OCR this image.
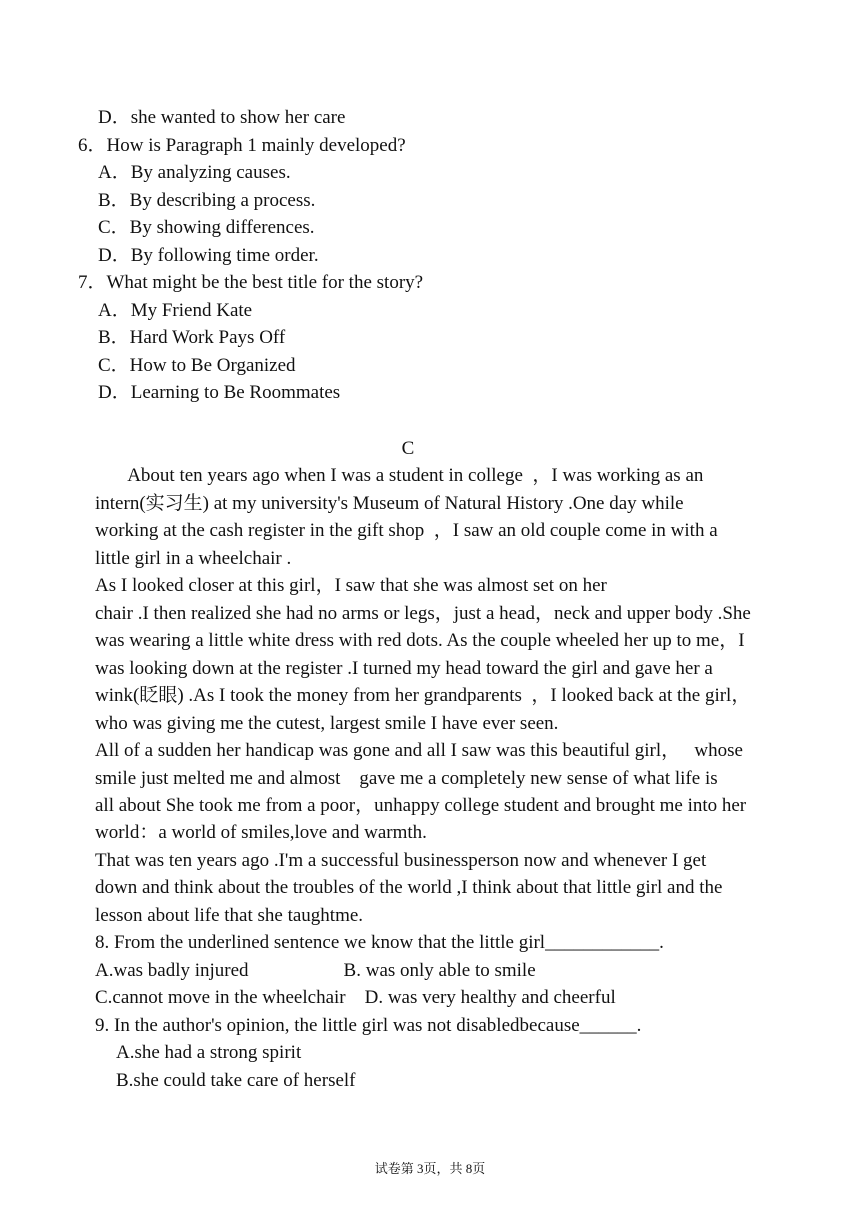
D．she wanted to show her care
6．How is Paragraph 1 mainly developed?
A．By analyzing causes.
B．By describing a process.
C．By showing differences.
D．By following time order.
7．What might be the best title for the story?
A．My Friend Kate
B．Hard Work Pays Off
C．How to Be Organized
D．Learning to Be Roommates
C
About ten years ago when I was a student in college  ，I was working as an
intern(实习生) at my university's Museum of Natural History .One day while
working at the cash register in the gift shop  ，I saw an old couple come in with a
little girl in a wheelchair .
As I looked closer at this girl，I saw that she was almost set on her
chair .I then realized she had no arms or legs，just a head，neck and upper body .She
was wearing a little white dress with red dots. As the couple wheeled her up to me，I
was looking down at the register .I turned my head toward the girl and gave her a
wink(眨眼) .As I took the money from her grandparents  ，I looked back at the girl，
who was giving me the cutest, largest smile I have ever seen.
All of a sudden her handicap was gone and all I saw was this beautiful girl，   whose
smile just melted me and almost    gave me a completely new sense of what life is
all about She took me from a poor，unhappy college student and brought me into her
world：a world of smiles,love and warmth.
That was ten years ago .I'm a successful businessperson now and whenever I get
down and think about the troubles of the world ,I think about that little girl and the
lesson about life that she taughtme.
8. From the underlined sentence we know that the little girl____________.
A.was badly injured                    B. was only able to smile
C.cannot move in the wheelchair    D. was very healthy and cheerful
9. In the author's opinion, the little girl was not disabledbecause______.
A.she had a strong spirit
B.she could take care of herself
试卷第 3页，共 8页
